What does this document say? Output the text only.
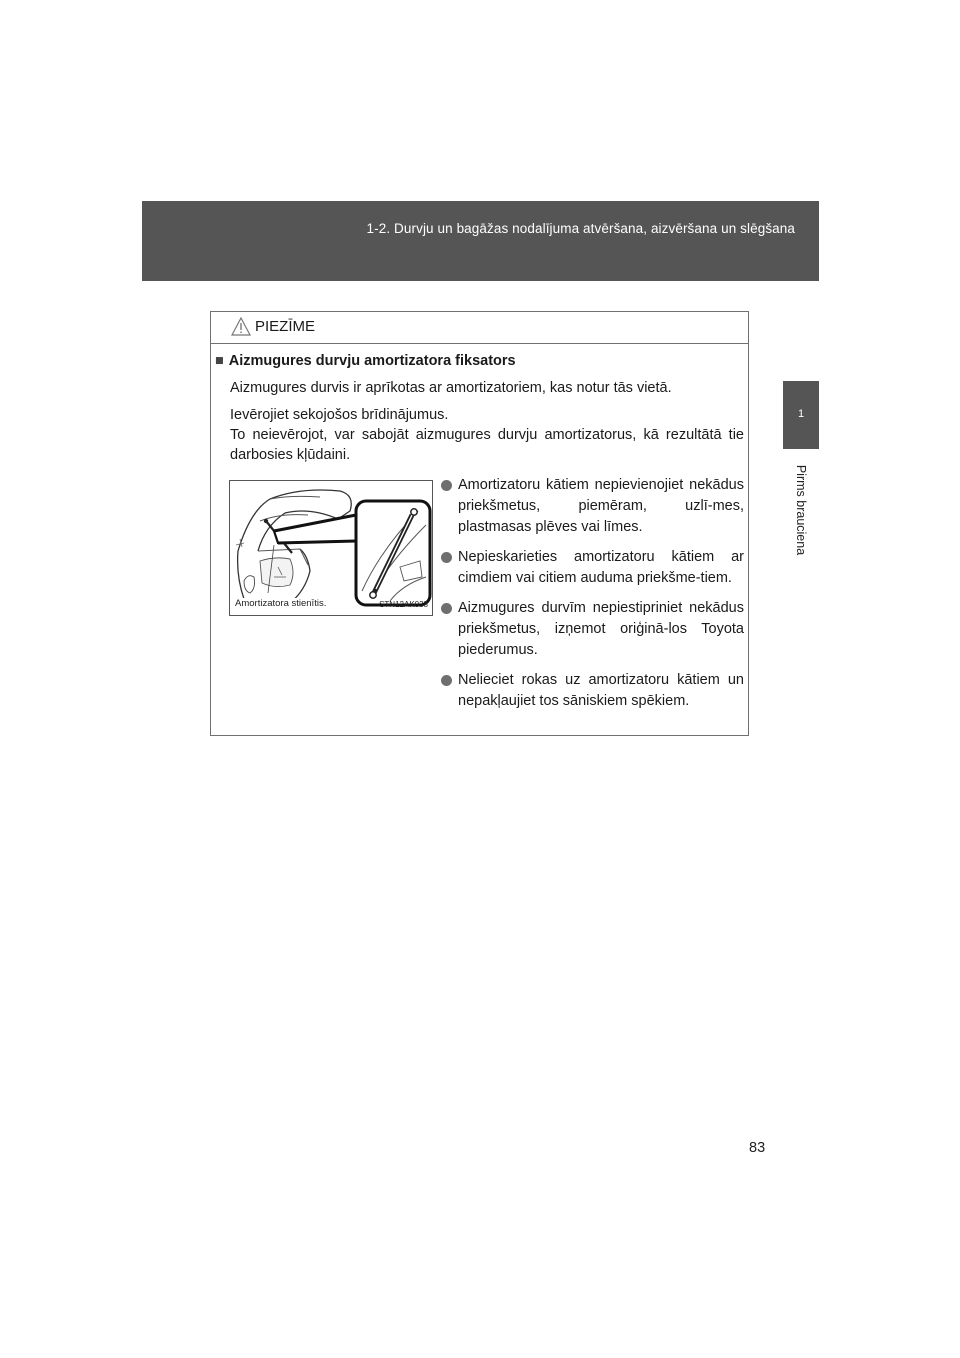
1-2. Durvju un bagāžas nodalījuma atvēršana, aizvēršana un slēgšana
1
Pirms brauciena
PIEZĪME
■ Aizmugures durvju amortizatora fiksators
Aizmugures durvis ir aprīkotas ar amortizatoriem, kas notur tās vietā.
Ievērojiet sekojošos brīdinājumus.
To neievērojot, var sabojāt aizmugures durvju amortizatorus, kā rezultātā tie darbosies kļūdaini.
Amortizatora stienītis.	STN12AK038
Amortizatoru kātiem nepievienojiet nekādus priekšmetus, piemēram, uzlī-mes, plastmasas plēves vai līmes.
Nepieskarieties amortizatoru kātiem ar cimdiem vai citiem auduma priekšme-tiem.
Aizmugures durvīm nepiestipriniet nekādus priekšmetus, izņemot oriģinā-los Toyota piederumus.
Nelieciet rokas uz amortizatoru kātiem un nepakļaujiet tos sāniskiem spēkiem.
83
